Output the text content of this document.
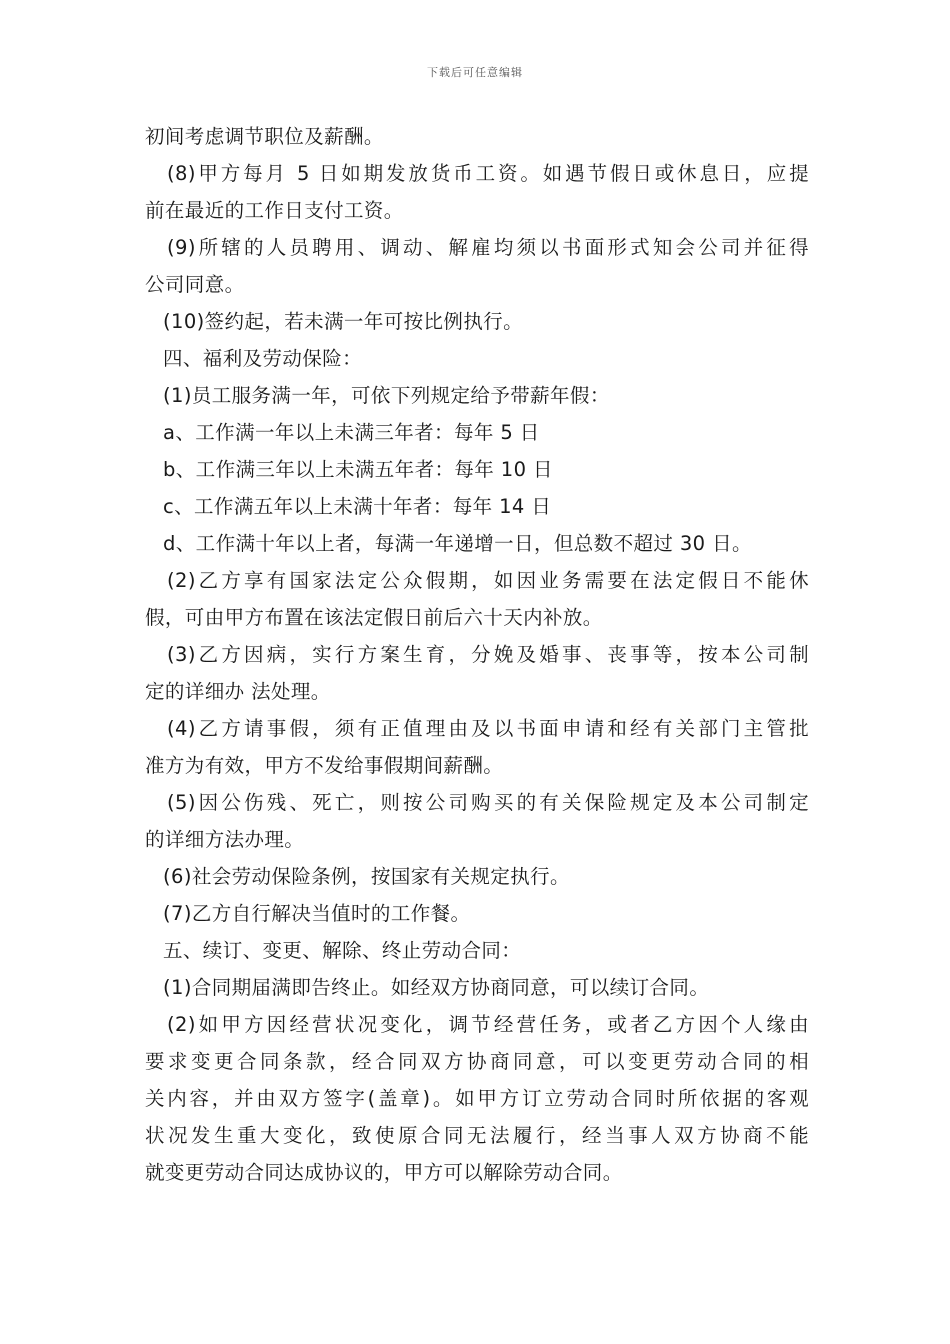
下载后可任意编辑
初间考虑调节职位及薪酬。
(8)甲方每月 5 日如期发放货币工资。如遇节假日或休息日，应提
前在最近的工作日支付工资。
(9)所辖的人员聘用、调动、解雇均须以书面形式知会公司并征得
公司同意。
(10)签约起，若未满一年可按比例执行。
四、福利及劳动保险：
(1)员工服务满一年，可依下列规定给予带薪年假：
a、工作满一年以上未满三年者：每年 5 日
b、工作满三年以上未满五年者：每年 10 日
c、工作满五年以上未满十年者：每年 14 日
d、工作满十年以上者，每满一年递增一日，但总数不超过 30 日。
(2)乙方享有国家法定公众假期，如因业务需要在法定假日不能休
假，可由甲方布置在该法定假日前后六十天内补放。
(3)乙方因病，实行方案生育，分娩及婚事、丧事等，按本公司制
定的详细办 法处理。
(4)乙方请事假，须有正值理由及以书面申请和经有关部门主管批
准方为有效，甲方不发给事假期间薪酬。
(5)因公伤残、死亡，则按公司购买的有关保险规定及本公司制定
的详细方法办理。
(6)社会劳动保险条例，按国家有关规定执行。
(7)乙方自行解决当值时的工作餐。
五、续订、变更、解除、终止劳动合同：
(1)合同期届满即告终止。如经双方协商同意，可以续订合同。
(2)如甲方因经营状况变化，调节经营任务，或者乙方因个人缘由
要求变更合同条款，经合同双方协商同意，可以变更劳动合同的相
关内容，并由双方签字(盖章)。如甲方订立劳动合同时所依据的客观
状况发生重大变化，致使原合同无法履行，经当事人双方协商不能
就变更劳动合同达成协议的，甲方可以解除劳动合同。
